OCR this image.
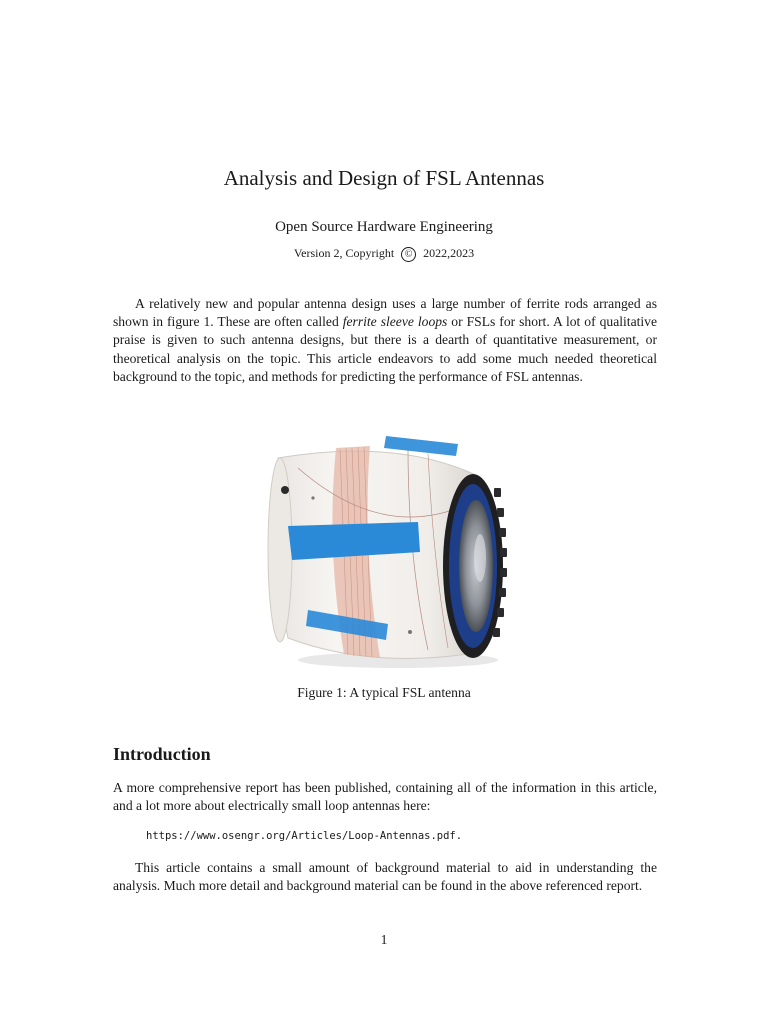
Analysis and Design of FSL Antennas
Open Source Hardware Engineering
Version 2, Copyright © 2022,2023

A relatively new and popular antenna design uses a large number of ferrite rods arranged as shown in figure 1. These are often called ferrite sleeve loops or FSLs for short. A lot of qualitative praise is given to such antenna designs, but there is a dearth of quantitative measurement, or theoretical analysis on the topic. This article endeavors to add some much needed theoretical background to the topic, and methods for predicting the performance of FSL antennas.

Figure 1: A typical FSL antenna
Introduction

A more comprehensive report has been published, containing all of the information in this article, and a lot more about electrically small loop antennas here:

https://www.osengr.org/Articles/Loop-Antennas.pdf.

This article contains a small amount of background material to aid in understanding the analysis. Much more detail and background material can be found in the above referenced report.

1
